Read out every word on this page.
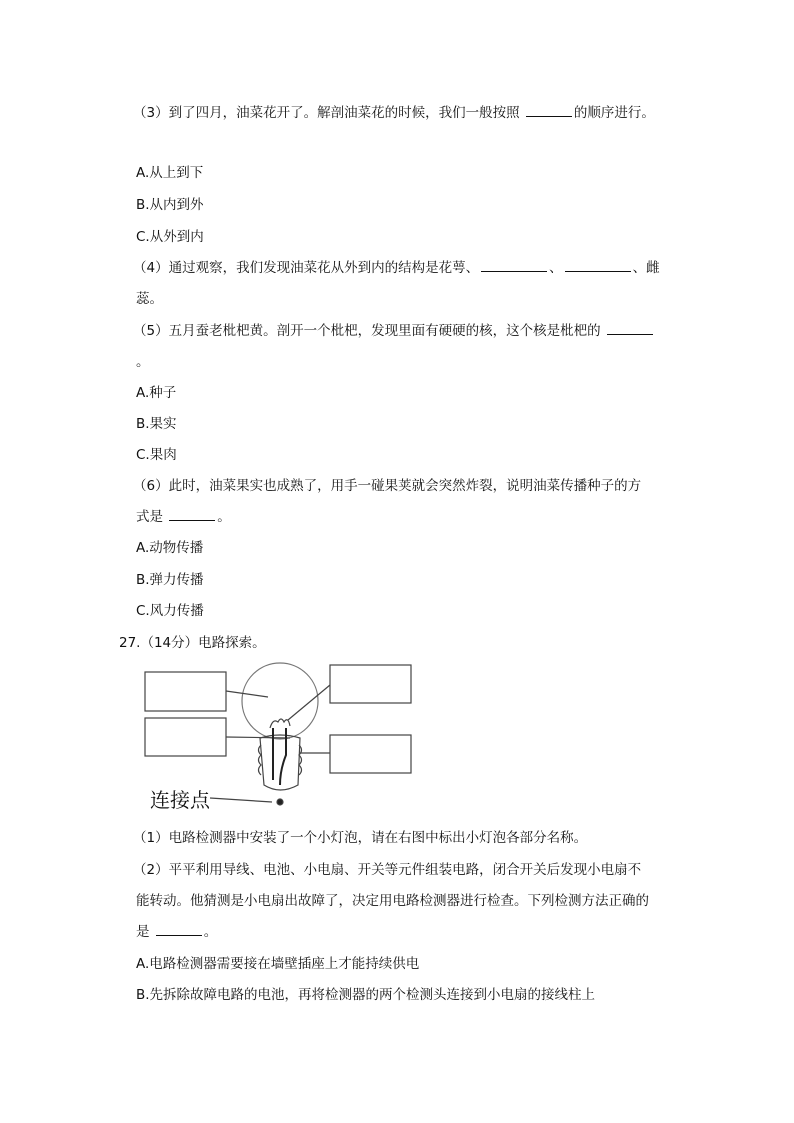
（3）到了四月，油菜花开了。解剖油菜花的时候，我们一般按照	的顺序进行。
A.从上到下
B.从内到外
C.从外到内
（4）通过观察，我们发现油菜花从外到内的结构是花萼、	、	、雌
蕊。
（5）五月蚕老枇杷黄。剖开一个枇杷，发现里面有硬硬的核，这个核是枇杷的
。
A.种子
B.果实
C.果肉
（6）此时，油菜果实也成熟了，用手一碰果荚就会突然炸裂，说明油菜传播种子的方
式是	。
A.动物传播
B.弹力传播
C.风力传播
27.（14分）电路探索。
连接点
（1）电路检测器中安装了一个小灯泡，请在右图中标出小灯泡各部分名称。
（2）平平利用导线、电池、小电扇、开关等元件组装电路，闭合开关后发现小电扇不
能转动。他猜测是小电扇出故障了，决定用电路检测器进行检查。下列检测方法正确的
是	。
A.电路检测器需要接在墙壁插座上才能持续供电
B.先拆除故障电路的电池，再将检测器的两个检测头连接到小电扇的接线柱上
